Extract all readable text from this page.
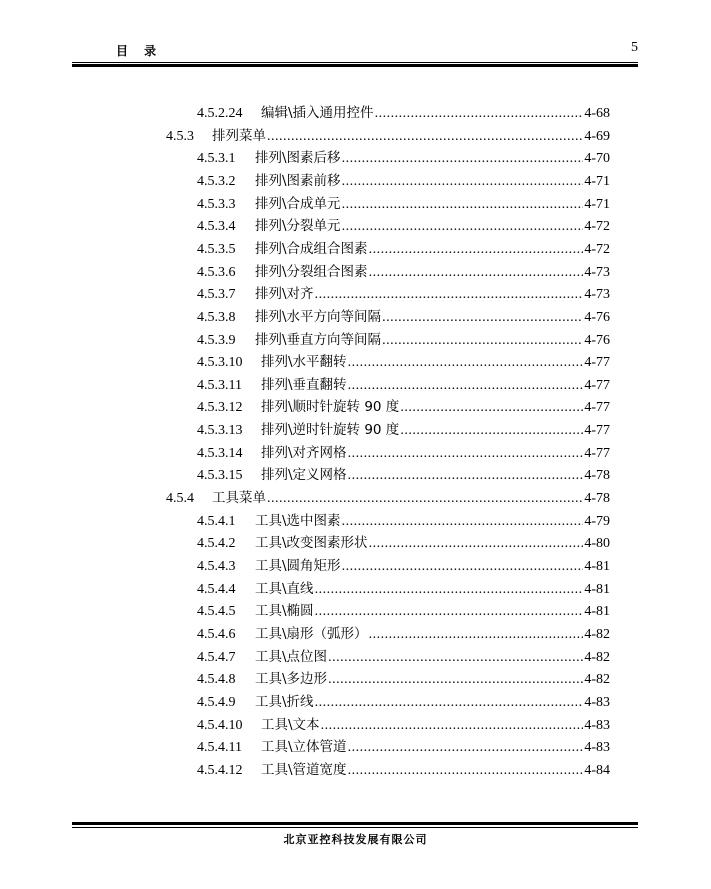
目 录	5
4.5.2.24	编辑\插入通用控件 .....	4-68
4.5.3	排列菜单 .....	4-69
4.5.3.1	排列\图素后移 .....	4-70
4.5.3.2	排列\图素前移 .....	4-71
4.5.3.3	排列\合成单元 .....	4-71
4.5.3.4	排列\分裂单元 .....	4-72
4.5.3.5	排列\合成组合图素 .....	4-72
4.5.3.6	排列\分裂组合图素 .....	4-73
4.5.3.7	排列\对齐 .....	4-73
4.5.3.8	排列\水平方向等间隔 .....	4-76
4.5.3.9	排列\垂直方向等间隔 .....	4-76
4.5.3.10	排列\水平翻转 .....	4-77
4.5.3.11	排列\垂直翻转 .....	4-77
4.5.3.12	排列\顺时针旋转 90 度 .....	4-77
4.5.3.13	排列\逆时针旋转 90 度 .....	4-77
4.5.3.14	排列\对齐网格 .....	4-77
4.5.3.15	排列\定义网格 .....	4-78
4.5.4	工具菜单 .....	4-78
4.5.4.1	工具\选中图素 .....	4-79
4.5.4.2	工具\改变图素形状 .....	4-80
4.5.4.3	工具\圆角矩形 .....	4-81
4.5.4.4	工具\直线 .....	4-81
4.5.4.5	工具\椭圆 .....	4-81
4.5.4.6	工具\扇形（弧形） .....	4-82
4.5.4.7	工具\点位图 .....	4-82
4.5.4.8	工具\多边形 .....	4-82
4.5.4.9	工具\折线 .....	4-83
4.5.4.10	工具\文本 .....	4-83
4.5.4.11	工具\立体管道 .....	4-83
4.5.4.12	工具\管道宽度 .....	4-84
北京亚控科技发展有限公司
